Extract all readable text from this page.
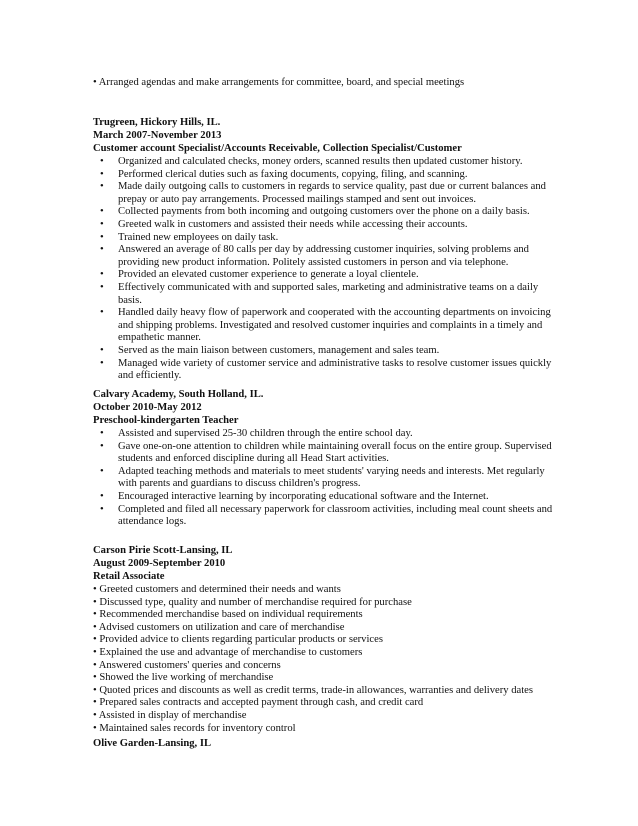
• Arranged agendas and make arrangements for committee, board, and special meetings
Trugreen, Hickory Hills, IL.
March 2007-November 2013
Customer account Specialist/Accounts Receivable, Collection Specialist/Customer
• Organized and calculated checks, money orders, scanned results then updated customer history.
• Performed clerical duties such as faxing documents, copying, filing, and scanning.
• Made daily outgoing calls to customers in regards to service quality, past due or current balances and
prepay or auto pay arrangements. Processed mailings stamped and sent out invoices.
• Collected payments from both incoming and outgoing customers over the phone on a daily basis.
• Greeted walk in customers and assisted their needs while accessing their accounts.
• Trained new employees on daily task.
• Answered an average of 80 calls per day by addressing customer inquiries, solving problems and
providing new product information. Politely assisted customers in person and via telephone.
• Provided an elevated customer experience to generate a loyal clientele.
• Effectively communicated with and supported sales, marketing and administrative teams on a daily
basis.
• Handled daily heavy flow of paperwork and cooperated with the accounting departments on invoicing
and shipping problems. Investigated and resolved customer inquiries and complaints in a timely and
empathetic manner.
• Served as the main liaison between customers, management and sales team.
• Managed wide variety of customer service and administrative tasks to resolve customer issues quickly
and efficiently.
Calvary Academy, South Holland, IL.
October 2010-May 2012
Preschool-kindergarten Teacher
• Assisted and supervised 25-30 children through the entire school day.
• Gave one-on-one attention to children while maintaining overall focus on the entire group. Supervised
students and enforced discipline during all Head Start activities.
• Adapted teaching methods and materials to meet students' varying needs and interests. Met regularly
with parents and guardians to discuss children's progress.
• Encouraged interactive learning by incorporating educational software and the Internet.
• Completed and filed all necessary paperwork for classroom activities, including meal count sheets and
attendance logs.
Carson Pirie Scott-Lansing, IL
August 2009-September 2010
Retail Associate
• Greeted customers and determined their needs and wants
• Discussed type, quality and number of merchandise required for purchase
• Recommended merchandise based on individual requirements
• Advised customers on utilization and care of merchandise
• Provided advice to clients regarding particular products or services
• Explained the use and advantage of merchandise to customers
• Answered customers' queries and concerns
• Showed the live working of merchandise
• Quoted prices and discounts as well as credit terms, trade-in allowances, warranties and delivery dates
• Prepared sales contracts and accepted payment through cash, and credit card
• Assisted in display of merchandise
• Maintained sales records for inventory control
Olive Garden-Lansing, IL
